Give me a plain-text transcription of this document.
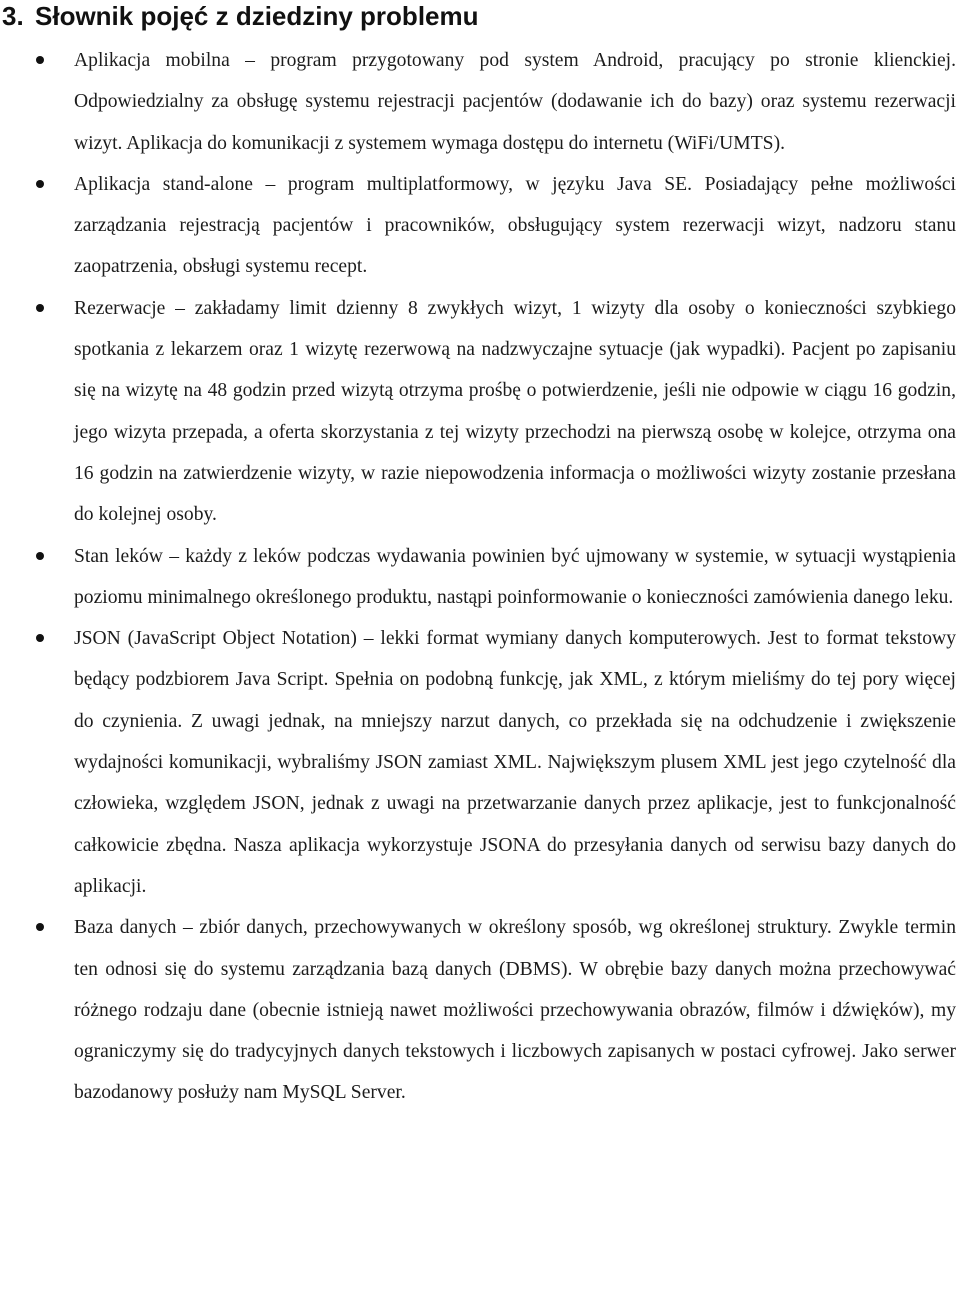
3. Słownik pojęć z dziedziny problemu
Aplikacja mobilna – program przygotowany pod system Android, pracujący po stronie klienckiej. Odpowiedzialny za obsługę systemu rejestracji pacjentów (dodawanie ich do bazy) oraz systemu rezerwacji wizyt. Aplikacja do komunikacji z systemem wymaga dostępu do internetu (WiFi/UMTS).
Aplikacja stand-alone – program multiplatformowy, w języku Java SE. Posiadający pełne możliwości zarządzania rejestracją pacjentów i pracowników, obsługujący system rezerwacji wizyt, nadzoru stanu zaopatrzenia, obsługi systemu recept.
Rezerwacje – zakładamy limit dzienny 8 zwykłych wizyt, 1 wizyty dla osoby o konieczności szybkiego spotkania z lekarzem oraz 1 wizytę rezerwową na nadzwyczajne sytuacje (jak wypadki). Pacjent po zapisaniu się na wizytę na 48 godzin przed wizytą otrzyma prośbę o potwierdzenie, jeśli nie odpowie w ciągu 16 godzin, jego wizyta przepada, a oferta skorzystania z tej wizyty przechodzi na pierwszą osobę w kolejce, otrzyma ona 16 godzin na zatwierdzenie wizyty, w razie niepowodzenia informacja o możliwości wizyty zostanie przesłana do kolejnej osoby.
Stan leków – każdy z leków podczas wydawania powinien być ujmowany w systemie, w sytuacji wystąpienia poziomu minimalnego określonego produktu, nastąpi poinformowanie o konieczności zamówienia danego leku.
JSON (JavaScript Object Notation) – lekki format wymiany danych komputerowych. Jest to format tekstowy będący podzbiorem Java Script. Spełnia on podobną funkcję, jak XML, z którym mieliśmy do tej pory więcej do czynienia. Z uwagi jednak, na mniejszy narzut danych, co przekłada się na odchudzenie i zwiększenie wydajności komunikacji, wybraliśmy JSON zamiast XML. Największym plusem XML jest jego czytelność dla człowieka, względem JSON, jednak z uwagi na przetwarzanie danych przez aplikacje, jest to funkcjonalność całkowicie zbędna. Nasza aplikacja wykorzystuje JSONA do przesyłania danych od serwisu bazy danych do aplikacji.
Baza danych – zbiór danych, przechowywanych w określony sposób, wg określonej struktury. Zwykle termin ten odnosi się do systemu zarządzania bazą danych (DBMS). W obrębie bazy danych można przechowywać różnego rodzaju dane (obecnie istnieją nawet możliwości przechowywania obrazów, filmów i dźwięków), my ograniczymy się do tradycyjnych danych tekstowych i liczbowych zapisanych w postaci cyfrowej. Jako serwer bazodanowy posłuży nam MySQL Server.
